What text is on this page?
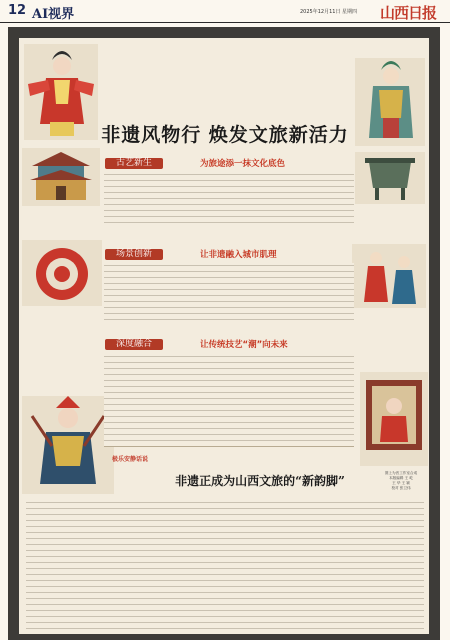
12 AI视界	2025年12月11日 星期四 山西日报
非遗风物行 焕发文旅新活力
古艺新生	为旅途添一抹文化底色
场景创新	让非遗融入城市肌理
深度融合	让传统技艺“潮”向未来
极乐安静话说
非遗正成为山西文旅的“新韵脚”
图上为晋工作室合成
本版编辑 王 屹
王 华 王 颖
校对 张卫伟
